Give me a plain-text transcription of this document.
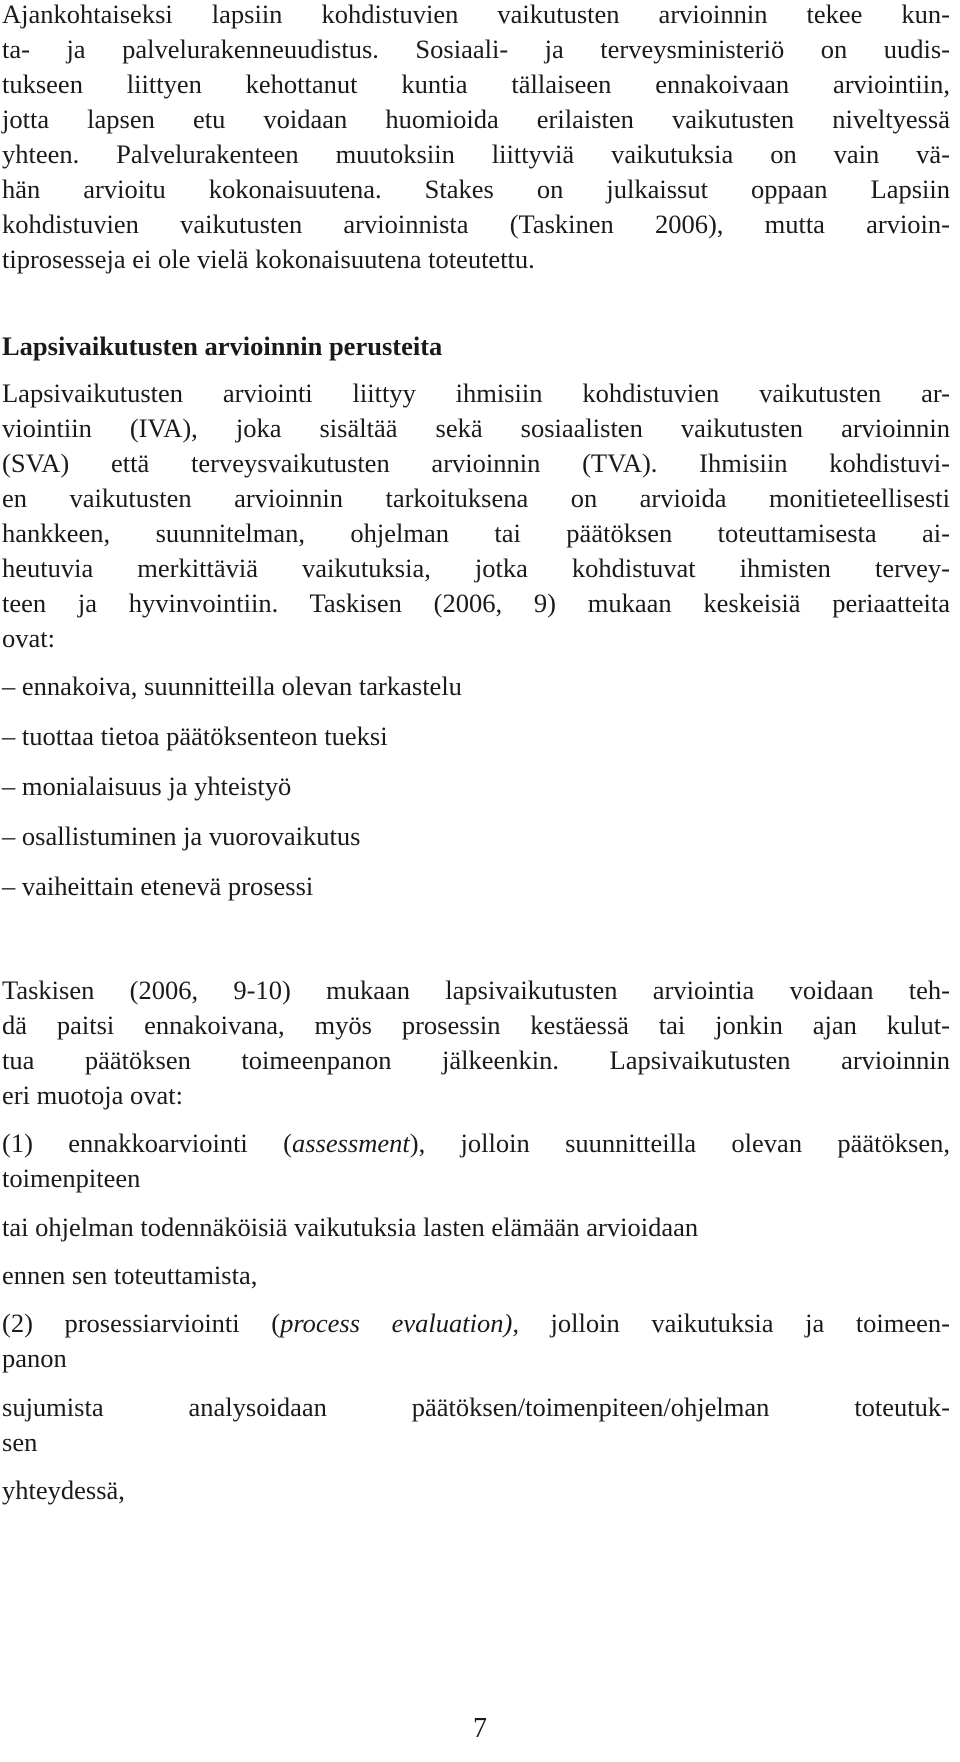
Ajankohtaiseksi lapsiin kohdistuvien vaikutusten arvioinnin tekee kun-
ta- ja palvelurakenneuudistus. Sosiaali- ja terveysministeriö on uudis-
tukseen liittyen kehottanut kuntia tällaiseen ennakoivaan arviointiin,
jotta lapsen etu voidaan huomioida erilaisten vaikutusten niveltyessä
yhteen. Palvelurakenteen muutoksiin liittyviä vaikutuksia on vain vä-
hän arvioitu kokonaisuutena. Stakes on julkaissut oppaan Lapsiin
kohdistuvien vaikutusten arvioinnista (Taskinen 2006), mutta arvioin-
tiprosesseja ei ole vielä kokonaisuutena toteutettu.
Lapsivaikutusten arvioinnin perusteita
Lapsivaikutusten arviointi liittyy ihmisiin kohdistuvien vaikutusten ar-
viointiin (IVA), joka sisältää sekä sosiaalisten vaikutusten arvioinnin
(SVA) että terveysvaikutusten arvioinnin (TVA). Ihmisiin kohdistuvi-
en vaikutusten arvioinnin tarkoituksena on arvioida monitieteellisesti
hankkeen, suunnitelman, ohjelman tai päätöksen toteuttamisesta ai-
heutuvia merkittäviä vaikutuksia, jotka kohdistuvat ihmisten tervey-
teen ja hyvinvointiin. Taskisen (2006, 9) mukaan keskeisiä periaatteita
ovat:
– ennakoiva, suunnitteilla olevan tarkastelu
– tuottaa tietoa päätöksenteon tueksi
– monialaisuus ja yhteistyö
– osallistuminen ja vuorovaikutus
– vaiheittain etenevä prosessi
Taskisen (2006, 9-10) mukaan lapsivaikutusten arviointia voidaan teh-
dä paitsi ennakoivana, myös prosessin kestäessä tai jonkin ajan kulut-
tua päätöksen toimeenpanon jälkeenkin. Lapsivaikutusten arvioinnin
eri muotoja ovat:
(1) ennakkoarviointi (assessment), jolloin suunnitteilla olevan päätöksen,
toimenpiteen
tai ohjelman todennäköisiä vaikutuksia lasten elämään arvioidaan
ennen sen toteuttamista,
(2) prosessiarviointi (process evaluation), jolloin vaikutuksia ja toimeen-
panon
sujumista analysoidaan päätöksen/toimenpiteen/ohjelman toteutuk-
sen
yhteydessä,
7
